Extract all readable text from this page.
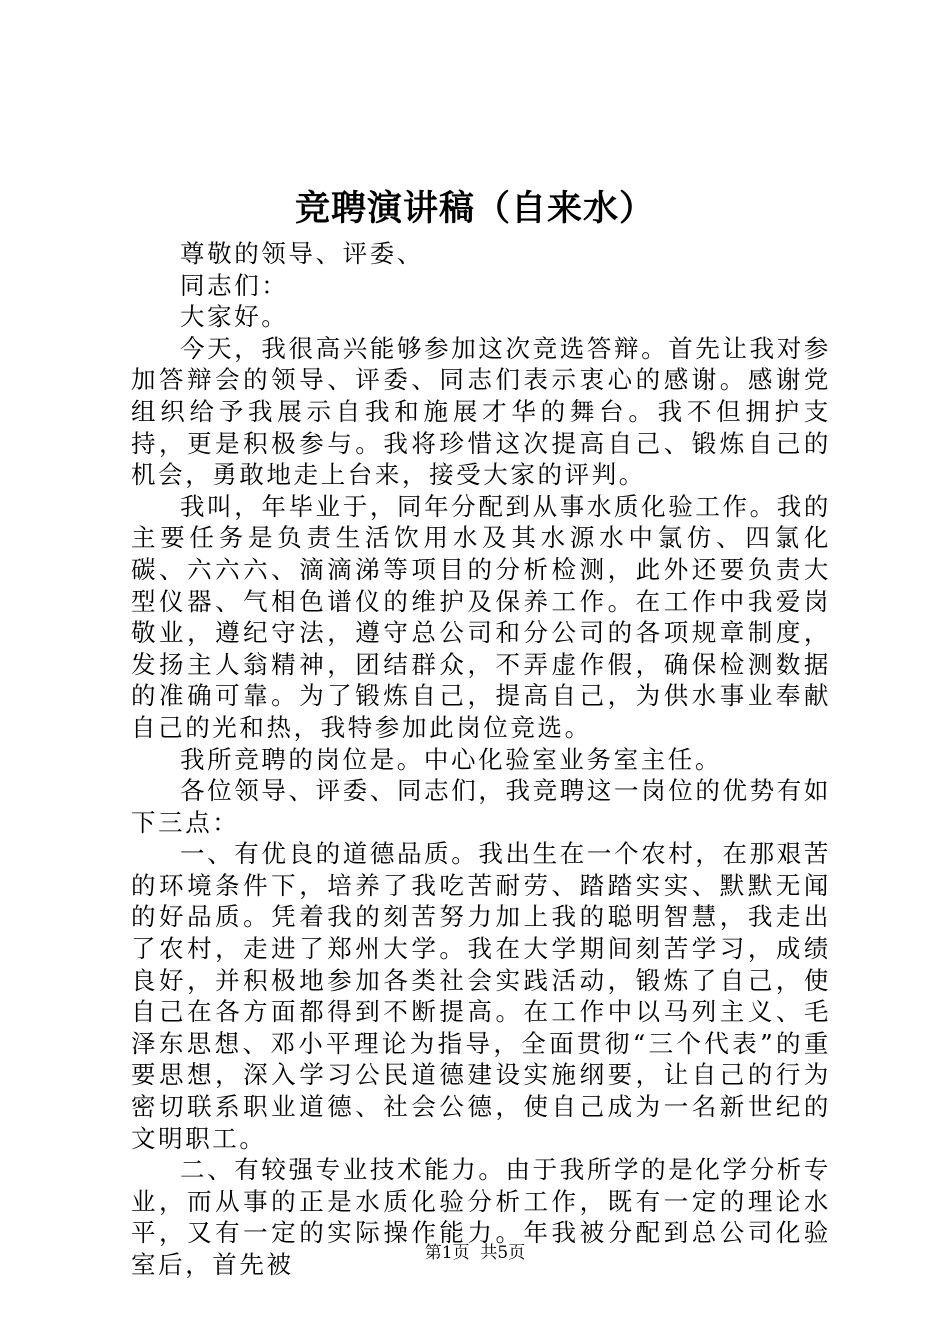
竞聘演讲稿（自来水）

尊敬的领导、评委、

同志们：

大家好。

今天，我很高兴能够参加这次竞选答辩。首先让我对参加答辩会的领导、评委、同志们表示衷心的感谢。感谢党组织给予我展示自我和施展才华的舞台。我不但拥护支持，更是积极参与。我将珍惜这次提高自己、锻炼自己的机会，勇敢地走上台来，接受大家的评判。

我叫，年毕业于，同年分配到从事水质化验工作。我的主要任务是负责生活饮用水及其水源水中氯仿、四氯化碳、六六六、滴滴涕等项目的分析检测，此外还要负责大型仪器、气相色谱仪的维护及保养工作。在工作中我爱岗敬业，遵纪守法，遵守总公司和分公司的各项规章制度，发扬主人翁精神，团结群众，不弄虚作假，确保检测数据的准确可靠。为了锻炼自己，提高自己，为供水事业奉献自己的光和热，我特参加此岗位竞选。

我所竞聘的岗位是。中心化验室业务室主任。

各位领导、评委、同志们，我竞聘这一岗位的优势有如下三点：

一、有优良的道德品质。我出生在一个农村，在那艰苦的环境条件下，培养了我吃苦耐劳、踏踏实实、默默无闻的好品质。凭着我的刻苦努力加上我的聪明智慧，我走出了农村，走进了郑州大学。我在大学期间刻苦学习，成绩良好，并积极地参加各类社会实践活动，锻炼了自己，使自己在各方面都得到不断提高。在工作中以马列主义、毛泽东思想、邓小平理论为指导，全面贯彻“三个代表”的重要思想，深入学习公民道德建设实施纲要，让自己的行为密切联系职业道德、社会公德，使自己成为一名新世纪的文明职工。

二、有较强专业技术能力。由于我所学的是化学分析专业，而从事的正是水质化验分析工作，既有一定的理论水平，又有一定的实际操作能力。年我被分配到总公司化验室后，首先被	第1页 共5页
